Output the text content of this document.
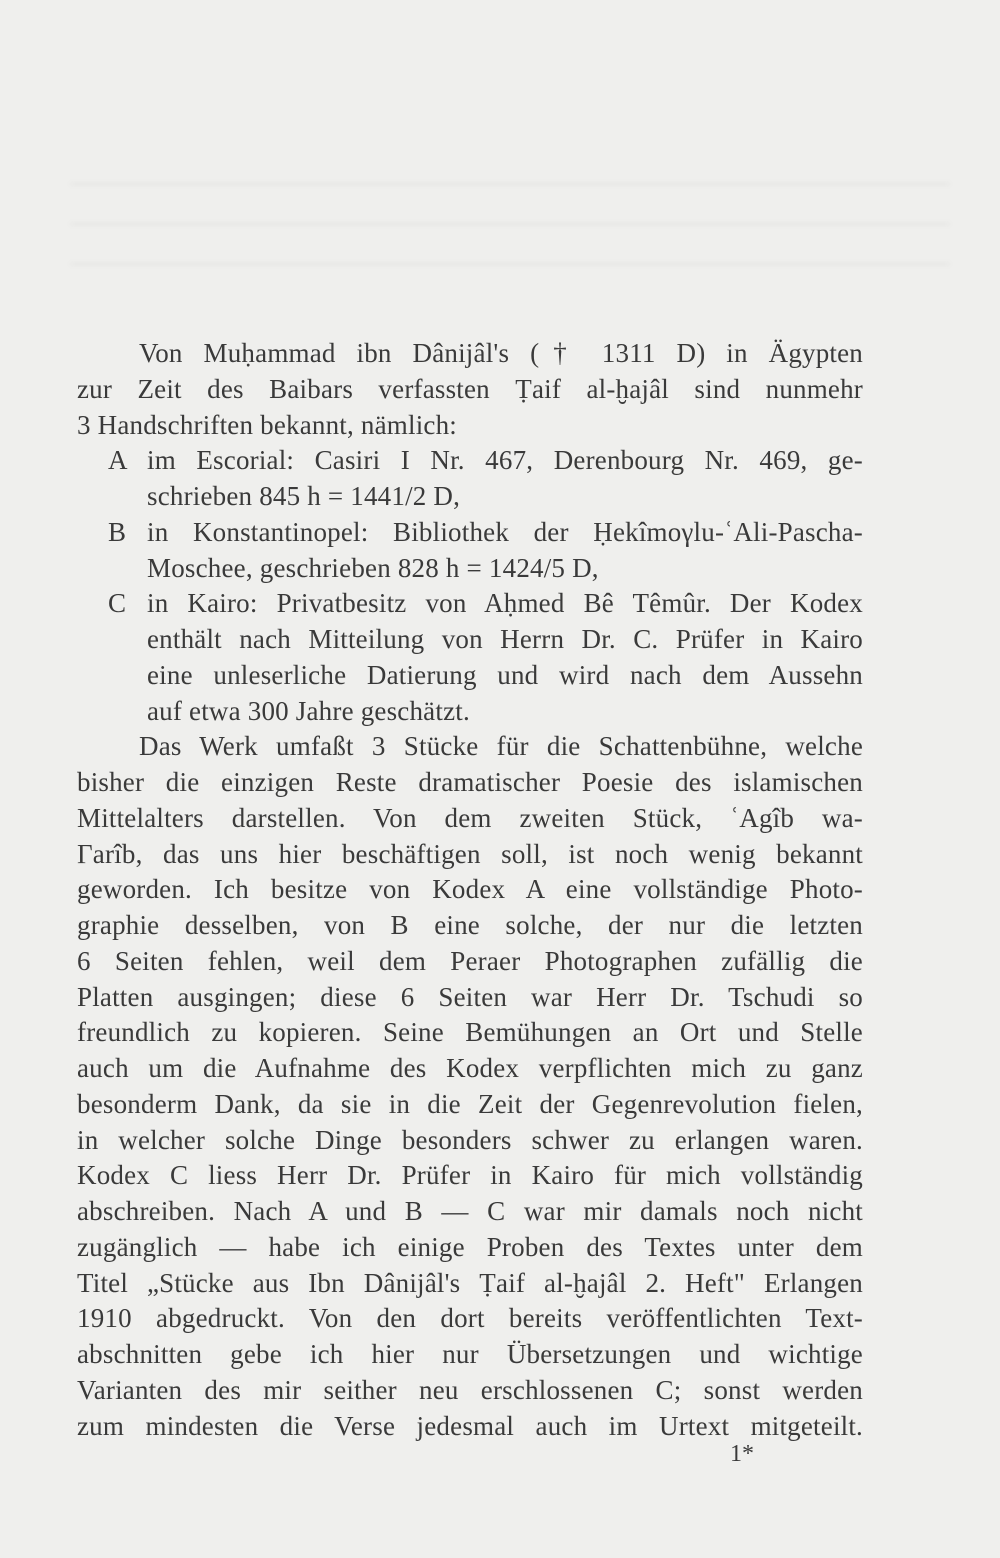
Von Muḥammad ibn Dânijâl's († 1311 D) in Ägypten
zur Zeit des Baibars verfassten Ṭaif al-ḫajâl sind nunmehr
3 Handschriften bekannt, nämlich:
A im Escorial: Casiri I Nr. 467, Derenbourg Nr. 469, ge-
schrieben 845 h = 1441/2 D,
B in Konstantinopel: Bibliothek der Ḥekîmoγlu-ʿAli-Pascha-
Moschee, geschrieben 828 h = 1424/5 D,
C in Kairo: Privatbesitz von Aḥmed Bê Têmûr. Der Kodex
enthält nach Mitteilung von Herrn Dr. C. Prüfer in Kairo
eine unleserliche Datierung und wird nach dem Aussehn
auf etwa 300 Jahre geschätzt.
Das Werk umfaßt 3 Stücke für die Schattenbühne, welche
bisher die einzigen Reste dramatischer Poesie des islamischen
Mittelalters darstellen. Von dem zweiten Stück, ʿAgîb wa-
Γarîb, das uns hier beschäftigen soll, ist noch wenig bekannt
geworden. Ich besitze von Kodex A eine vollständige Photo-
graphie desselben, von B eine solche, der nur die letzten
6 Seiten fehlen, weil dem Peraer Photographen zufällig die
Platten ausgingen; diese 6 Seiten war Herr Dr. Tschudi so
freundlich zu kopieren. Seine Bemühungen an Ort und Stelle
auch um die Aufnahme des Kodex verpflichten mich zu ganz
besonderm Dank, da sie in die Zeit der Gegenrevolution fielen,
in welcher solche Dinge besonders schwer zu erlangen waren.
Kodex C liess Herr Dr. Prüfer in Kairo für mich vollständig
abschreiben. Nach A und B — C war mir damals noch nicht
zugänglich — habe ich einige Proben des Textes unter dem
Titel „Stücke aus Ibn Dânijâl's Ṭaif al-ḫajâl 2. Heft" Erlangen
1910 abgedruckt. Von den dort bereits veröffentlichten Text-
abschnitten gebe ich hier nur Übersetzungen und wichtige
Varianten des mir seither neu erschlossenen C; sonst werden
zum mindesten die Verse jedesmal auch im Urtext mitgeteilt.
1*
